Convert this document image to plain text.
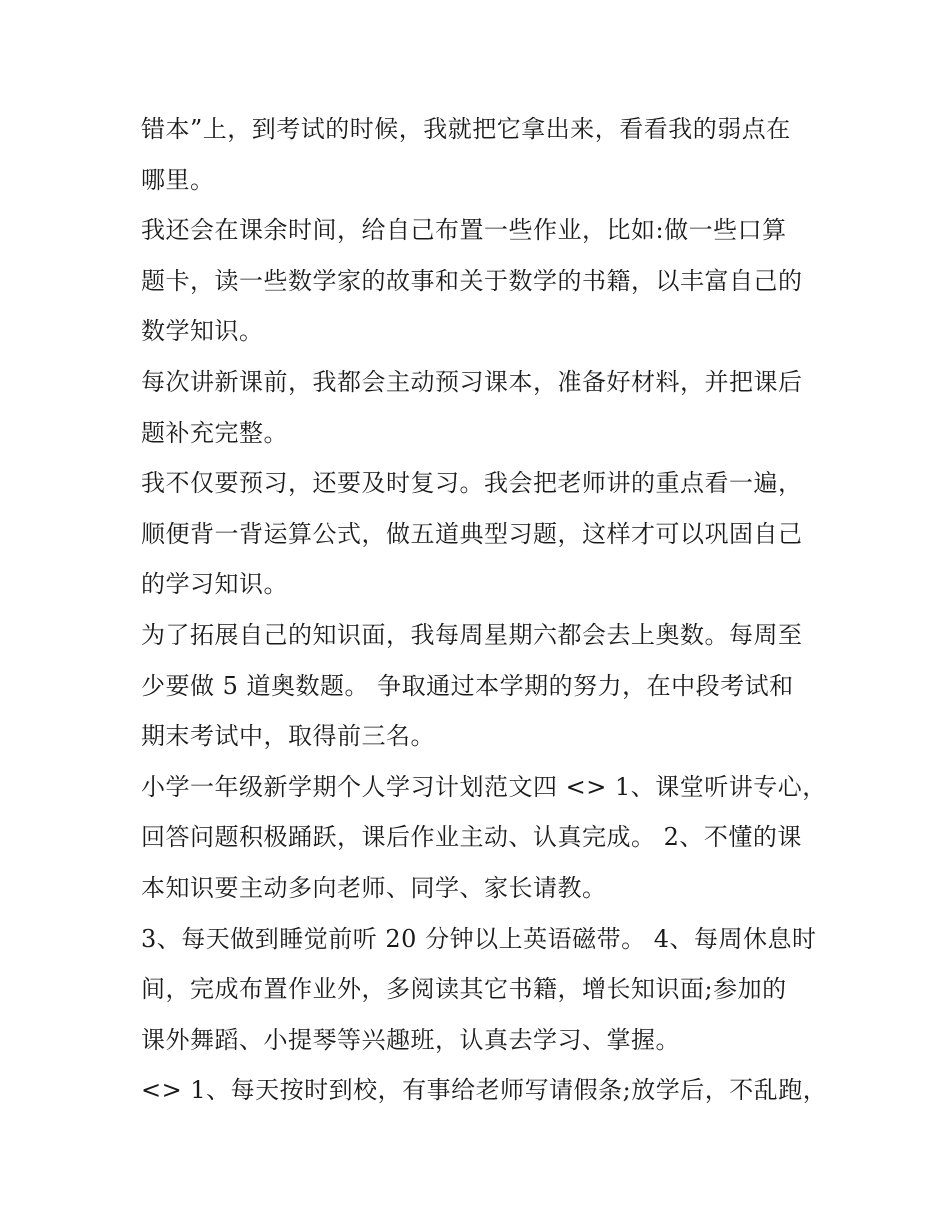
错本”上，到考试的时候，我就把它拿出来，看看我的弱点在
哪里。
我还会在课余时间，给自己布置一些作业，比如:做一些口算
题卡，读一些数学家的故事和关于数学的书籍，以丰富自己的
数学知识。
每次讲新课前，我都会主动预习课本，准备好材料，并把课后
题补充完整。
我不仅要预习，还要及时复习。我会把老师讲的重点看一遍，
顺便背一背运算公式，做五道典型习题，这样才可以巩固自己
的学习知识。
为了拓展自己的知识面，我每周星期六都会去上奥数。每周至
少要做 5 道奥数题。 争取通过本学期的努力，在中段考试和
期末考试中，取得前三名。
小学一年级新学期个人学习计划范文四 <> 1、课堂听讲专心，
回答问题积极踊跃，课后作业主动、认真完成。 2、不懂的课
本知识要主动多向老师、同学、家长请教。
3、每天做到睡觉前听 20 分钟以上英语磁带。 4、每周休息时
间，完成布置作业外，多阅读其它书籍，增长知识面;参加的
课外舞蹈、小提琴等兴趣班，认真去学习、掌握。
<> 1、每天按时到校，有事给老师写请假条;放学后，不乱跑，
